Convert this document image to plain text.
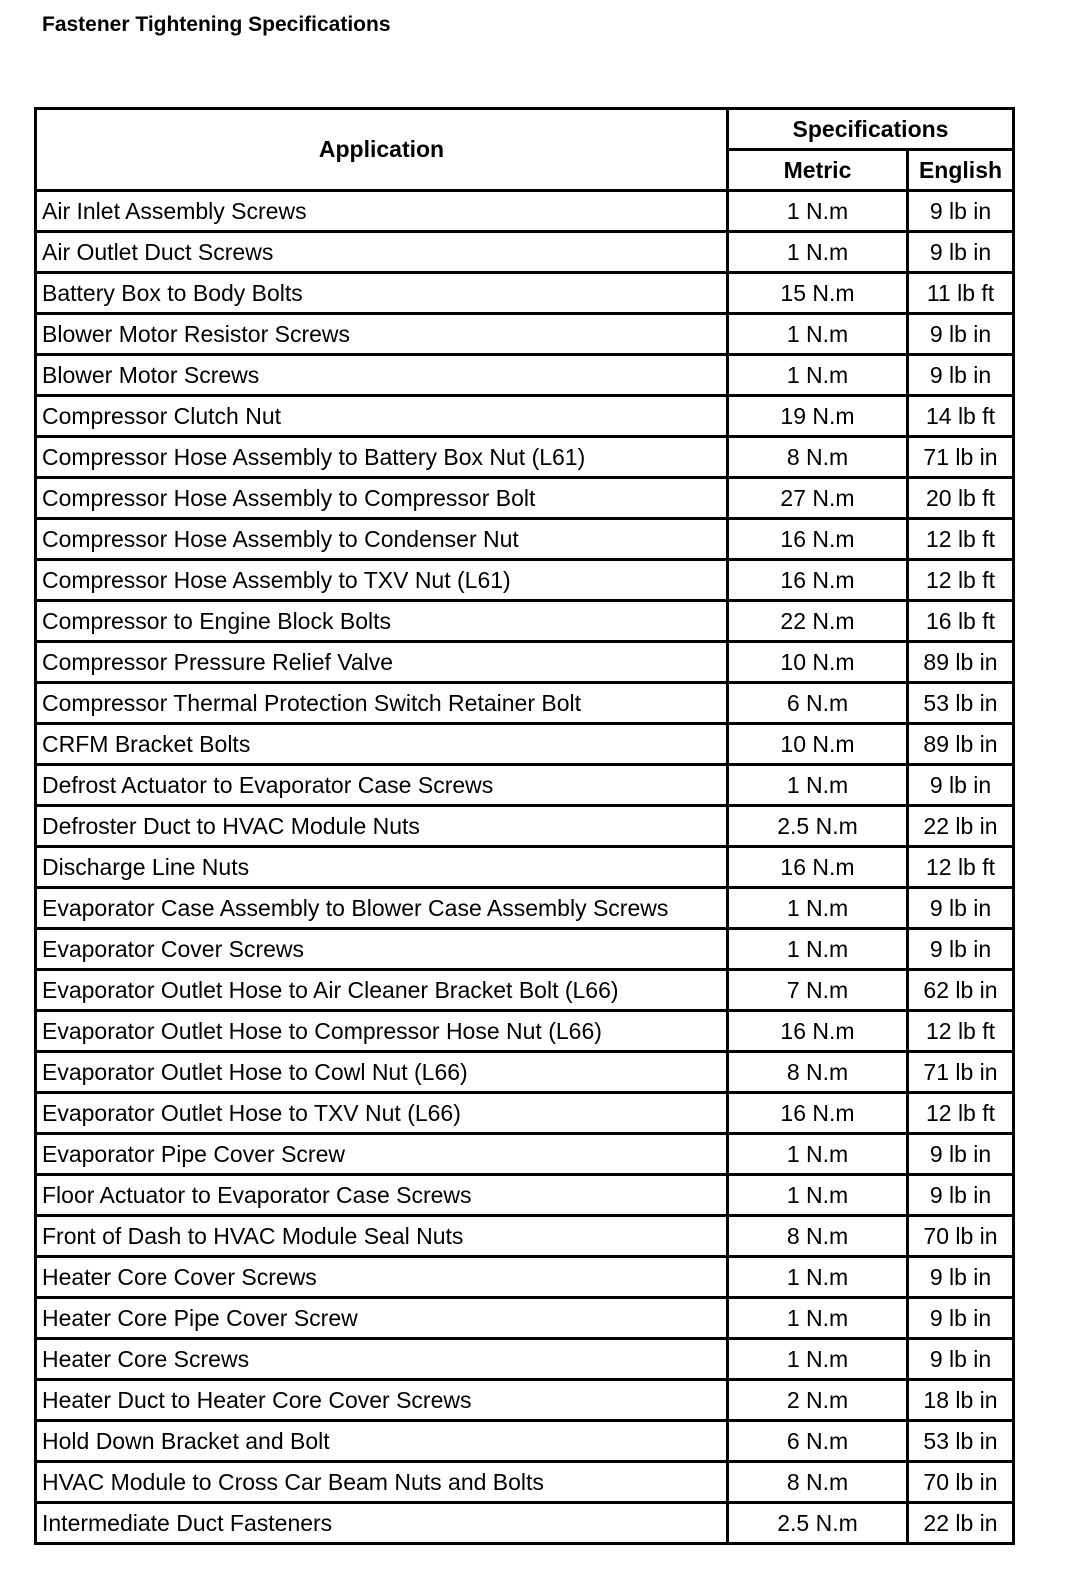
Fastener Tightening Specifications
Application	Specifications	
	Metric	English
Air Inlet Assembly Screws	1 N.m	9 lb in
Air Outlet Duct Screws	1 N.m	9 lb in
Battery Box to Body Bolts	15 N.m	11 lb ft
Blower Motor Resistor Screws	1 N.m	9 lb in
Blower Motor Screws	1 N.m	9 lb in
Compressor Clutch Nut	19 N.m	14 lb ft
Compressor Hose Assembly to Battery Box Nut (L61)	8 N.m	71 lb in
Compressor Hose Assembly to Compressor Bolt	27 N.m	20 lb ft
Compressor Hose Assembly to Condenser Nut	16 N.m	12 lb ft
Compressor Hose Assembly to TXV Nut (L61)	16 N.m	12 lb ft
Compressor to Engine Block Bolts	22 N.m	16 lb ft
Compressor Pressure Relief Valve	10 N.m	89 lb in
Compressor Thermal Protection Switch Retainer Bolt	6 N.m	53 lb in
CRFM Bracket Bolts	10 N.m	89 lb in
Defrost Actuator to Evaporator Case Screws	1 N.m	9 lb in
Defroster Duct to HVAC Module Nuts	2.5 N.m	22 lb in
Discharge Line Nuts	16 N.m	12 lb ft
Evaporator Case Assembly to Blower Case Assembly Screws	1 N.m	9 lb in
Evaporator Cover Screws	1 N.m	9 lb in
Evaporator Outlet Hose to Air Cleaner Bracket Bolt (L66)	7 N.m	62 lb in
Evaporator Outlet Hose to Compressor Hose Nut (L66)	16 N.m	12 lb ft
Evaporator Outlet Hose to Cowl Nut (L66)	8 N.m	71 lb in
Evaporator Outlet Hose to TXV Nut (L66)	16 N.m	12 lb ft
Evaporator Pipe Cover Screw	1 N.m	9 lb in
Floor Actuator to Evaporator Case Screws	1 N.m	9 lb in
Front of Dash to HVAC Module Seal Nuts	8 N.m	70 lb in
Heater Core Cover Screws	1 N.m	9 lb in
Heater Core Pipe Cover Screw	1 N.m	9 lb in
Heater Core Screws	1 N.m	9 lb in
Heater Duct to Heater Core Cover Screws	2 N.m	18 lb in
Hold Down Bracket and Bolt	6 N.m	53 lb in
HVAC Module to Cross Car Beam Nuts and Bolts	8 N.m	70 lb in
Intermediate Duct Fasteners	2.5 N.m	22 lb in
